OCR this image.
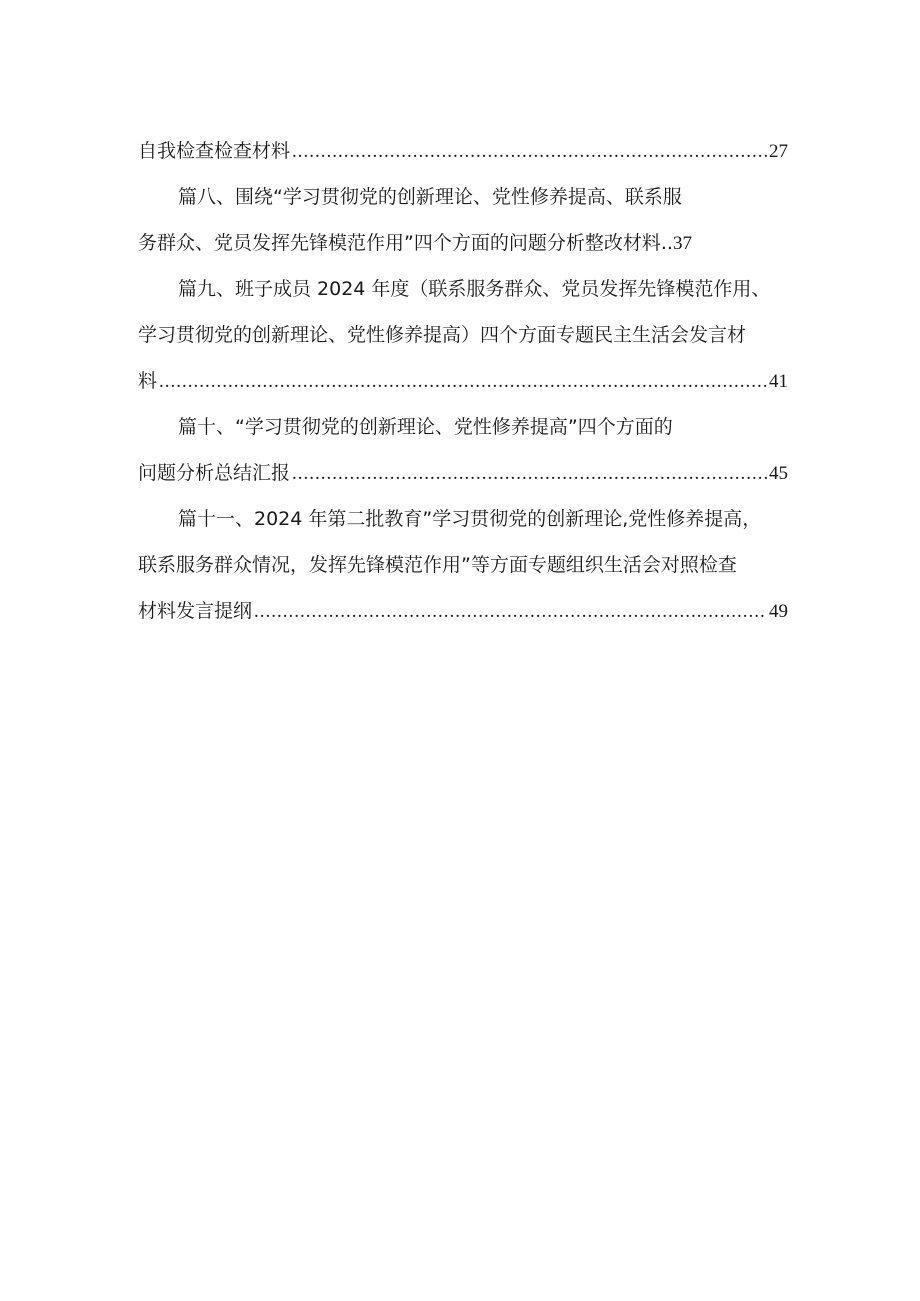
自我检查检查材料 .....	27
篇八、围绕“学习贯彻党的创新理论、党性修养提高、联系服
务群众、党员发挥先锋模范作用”四个方面的问题分析整改材料..37
篇九、班子成员 2024 年度（联系服务群众、党员发挥先锋模范作用、
学习贯彻党的创新理论、党性修养提高）四个方面专题民主生活会发言材
料 .....	41
篇十、“学习贯彻党的创新理论、党性修养提高”四个方面的
问题分析总结汇报 .....	45
篇十一、2024 年第二批教育”学习贯彻党的创新理论,党性修养提高，
联系服务群众情况，发挥先锋模范作用”等方面专题组织生活会对照检查
材料发言提纲 .....	49
